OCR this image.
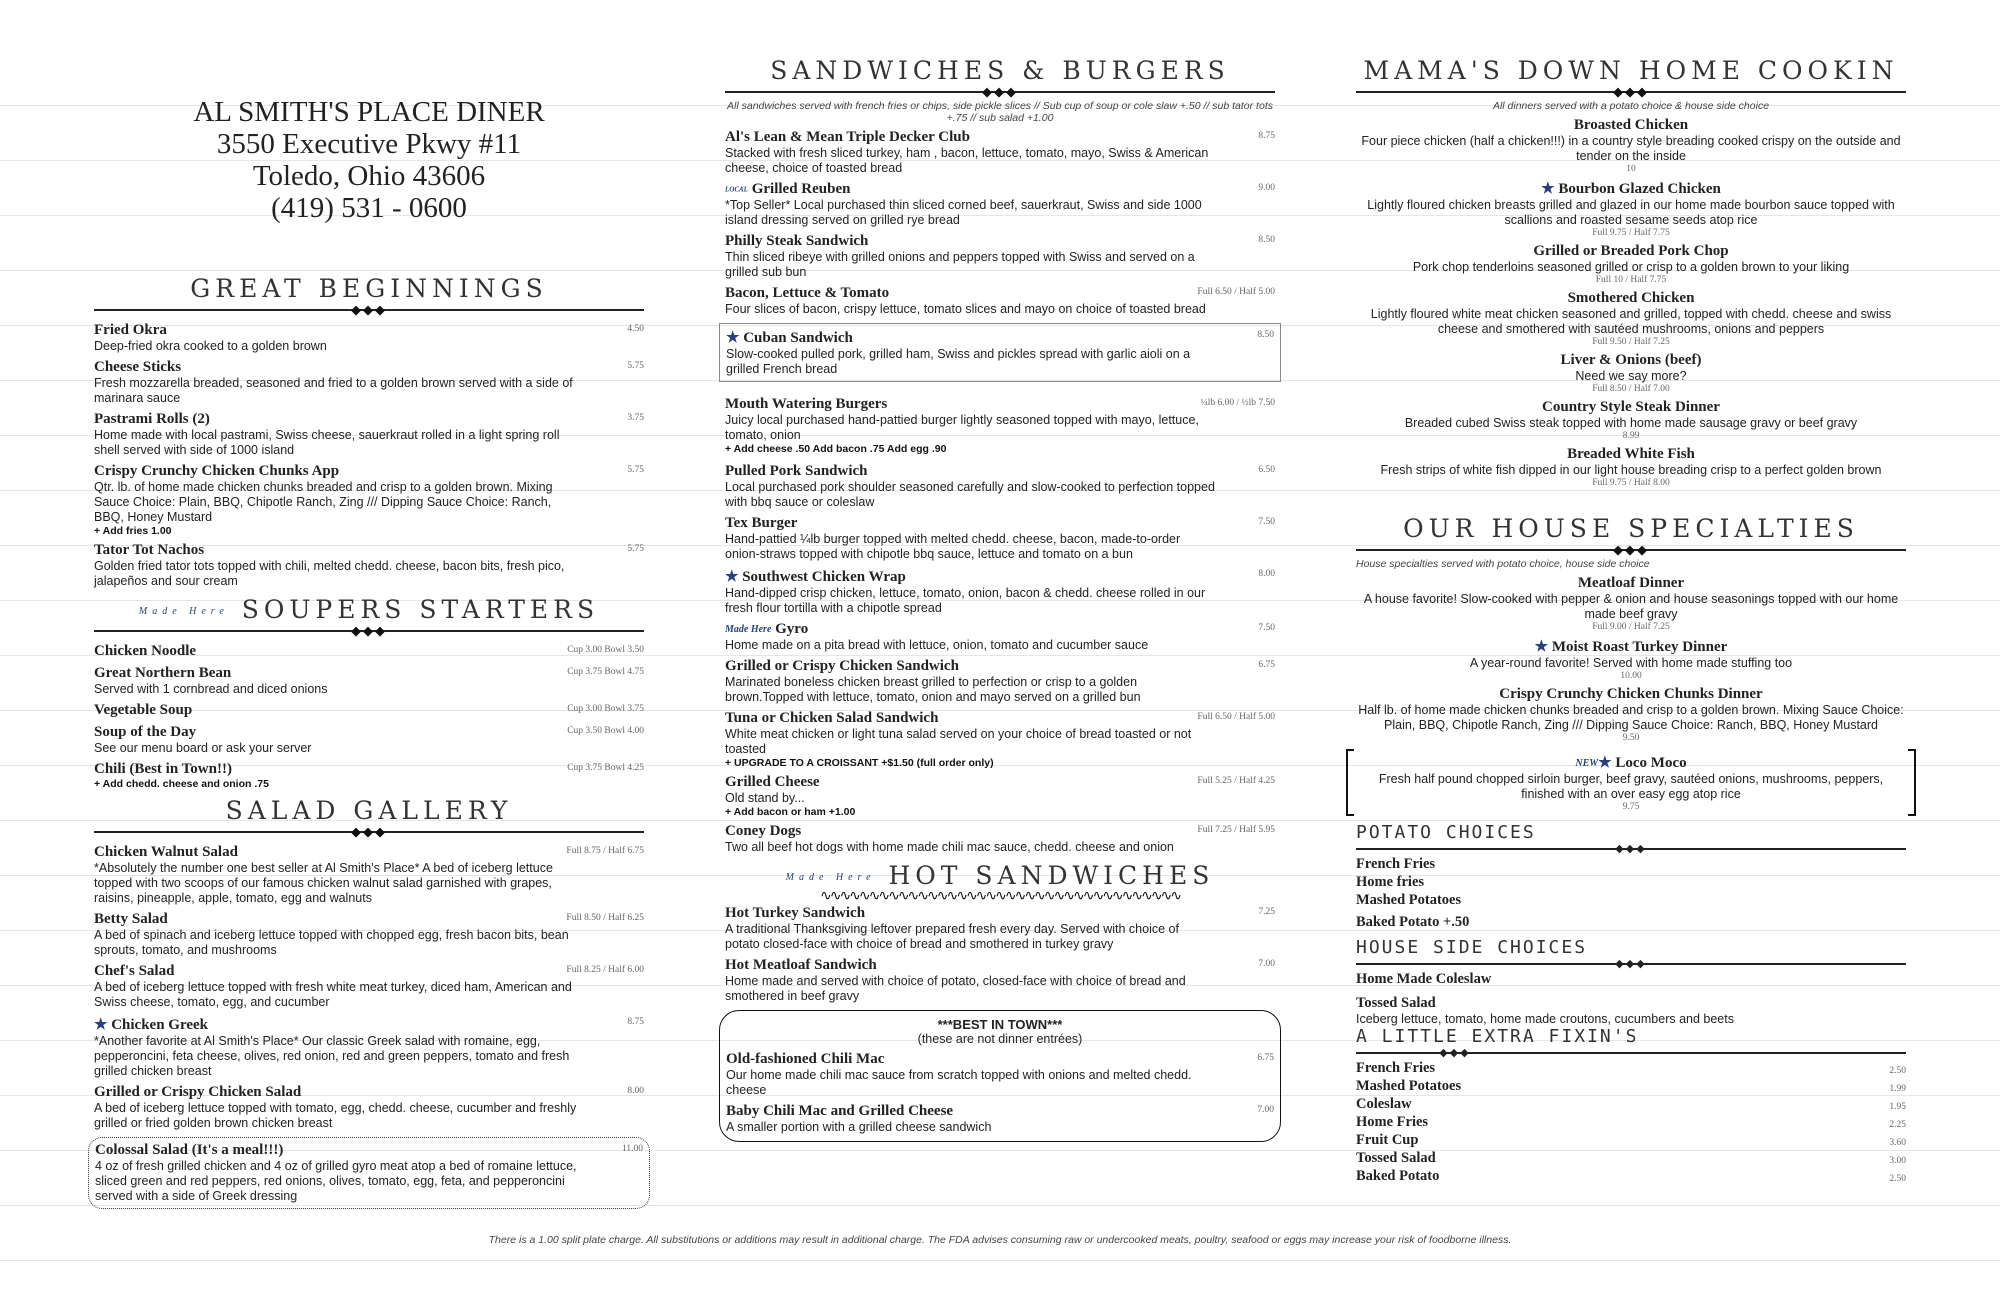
AL SMITH'S PLACE DINER
3550 Executive Pkwy #11
Toledo, Ohio 43606
(419) 531 - 0600
GREAT BEGINNINGS
◆◆◆
Fried Okra	4.50
Deep-fried okra cooked to a golden brown
Cheese Sticks	5.75
Fresh mozzarella breaded, seasoned and fried to a golden brown served with a side of marinara sauce
Pastrami Rolls (2)	3.75
Home made with local pastrami, Swiss cheese, sauerkraut rolled in a light spring roll shell served with side of 1000 island
Crispy Crunchy Chicken Chunks App	5.75
Qtr. lb. of home made chicken chunks breaded and crisp to a golden brown. Mixing Sauce Choice: Plain, BBQ, Chipotle Ranch, Zing /// Dipping Sauce Choice: Ranch, BBQ, Honey Mustard
+ Add fries 1.00
Tator Tot Nachos	5.75
Golden fried tator tots topped with chili, melted chedd. cheese, bacon bits, fresh pico, jalapeños and sour cream
Made Here SOUPERS STARTERS
◆◆◆
Chicken Noodle	Cup 3.00 Bowl 3.50
Great Northern Bean	Cup 3.75 Bowl 4.75
Served with 1 cornbread and diced onions
Vegetable Soup	Cup 3.00 Bowl 3.75
Soup of the Day	Cup 3.50 Bowl 4.00
See our menu board or ask your server
Chili (Best in Town!!)	Cup 3.75 Bowl 4.25
+ Add chedd. cheese and onion .75
SALAD GALLERY
◆◆◆
Chicken Walnut Salad	Full 8.75 / Half 6.75
*Absolutely the number one best seller at Al Smith's Place* A bed of iceberg lettuce topped with two scoops of our famous chicken walnut salad garnished with grapes, raisins, pineapple, apple, tomato, egg and walnuts
Betty Salad	Full 8.50 / Half 6.25
A bed of spinach and iceberg lettuce topped with chopped egg, fresh bacon bits, bean sprouts, tomato, and mushrooms
Chef's Salad	Full 8.25 / Half 6.00
A bed of iceberg lettuce topped with fresh white meat turkey, diced ham, American and Swiss cheese, tomato, egg, and cucumber
★ Chicken Greek	8.75
*Another favorite at Al Smith's Place* Our classic Greek salad with romaine, egg, pepperoncini, feta cheese, olives, red onion, red and green peppers, tomato and fresh grilled chicken breast
Grilled or Crispy Chicken Salad	8.00
A bed of iceberg lettuce topped with tomato, egg, chedd. cheese, cucumber and freshly grilled or fried golden brown chicken breast
Colossal Salad (It's a meal!!!)	11.00
4 oz of fresh grilled chicken and 4 oz of grilled gyro meat atop a bed of romaine lettuce, sliced green and red peppers, red onions, olives, tomato, egg, feta, and pepperoncini served with a side of Greek dressing
SANDWICHES & BURGERS
◆◆◆
All sandwiches served with french fries or chips, side pickle slices // Sub cup of soup or cole slaw +.50 // sub tator tots +.75 // sub salad +1.00
Al's Lean & Mean Triple Decker Club	8.75
Stacked with fresh sliced turkey, ham , bacon, lettuce, tomato, mayo, Swiss & American cheese, choice of toasted bread
LOCAL Grilled Reuben	9.00
*Top Seller* Local purchased thin sliced corned beef, sauerkraut, Swiss and side 1000 island dressing served on grilled rye bread
Philly Steak Sandwich	8.50
Thin sliced ribeye with grilled onions and peppers topped with Swiss and served on a grilled sub bun
Bacon, Lettuce & Tomato	Full 6.50 / Half 5.00
Four slices of bacon, crispy lettuce, tomato slices and mayo on choice of toasted bread
★ Cuban Sandwich	8.50
Slow-cooked pulled pork, grilled ham, Swiss and pickles spread with garlic aioli on a grilled French bread
Mouth Watering Burgers	¼lb 6.00 / ½lb 7.50
Juicy local purchased hand-pattied burger lightly seasoned topped with mayo, lettuce, tomato, onion
+ Add cheese .50 Add bacon .75 Add egg .90
Pulled Pork Sandwich	6.50
Local purchased pork shoulder seasoned carefully and slow-cooked to perfection topped with bbq sauce or coleslaw
Tex Burger	7.50
Hand-pattied ¼lb burger topped with melted chedd. cheese, bacon, made-to-order onion-straws topped with chipotle bbq sauce, lettuce and tomato on a bun
★ Southwest Chicken Wrap	8.00
Hand-dipped crisp chicken, lettuce, tomato, onion, bacon & chedd. cheese rolled in our fresh flour tortilla with a chipotle spread
Made Here Gyro	7.50
Home made on a pita bread with lettuce, onion, tomato and cucumber sauce
Grilled or Crispy Chicken Sandwich	6.75
Marinated boneless chicken breast grilled to perfection or crisp to a golden brown.Topped with lettuce, tomato, onion and mayo served on a grilled bun
Tuna or Chicken Salad Sandwich	Full 6.50 / Half 5.00
White meat chicken or light tuna salad served on your choice of bread toasted or not toasted
+ UPGRADE TO A CROISSANT +$1.50 (full order only)
Grilled Cheese	Full 5.25 / Half 4.25
Old stand by...
+ Add bacon or ham +1.00
Coney Dogs	Full 7.25 / Half 5.95
Two all beef hot dogs with home made chili mac sauce, chedd. cheese and onion
Made Here HOT SANDWICHES
∿∿∿∿∿∿∿∿∿∿∿∿∿∿∿∿∿∿∿∿∿∿∿∿∿∿∿∿∿∿∿∿∿∿∿∿∿
Hot Turkey Sandwich	7.25
A traditional Thanksgiving leftover prepared fresh every day. Served with choice of potato closed-face with choice of bread and smothered in turkey gravy
Hot Meatloaf Sandwich	7.00
Home made and served with choice of potato, closed-face with choice of bread and smothered in beef gravy
***BEST IN TOWN***
(these are not dinner entrées)
Old-fashioned Chili Mac	6.75
Our home made chili mac sauce from scratch topped with onions and melted chedd. cheese
Baby Chili Mac and Grilled Cheese	7.00
A smaller portion with a grilled cheese sandwich
MAMA'S DOWN HOME COOKIN
◆◆◆
All dinners served with a potato choice & house side choice
Broasted Chicken
Four piece chicken (half a chicken!!!) in a country style breading cooked crispy on the outside and tender on the inside
10
★ Bourbon Glazed Chicken
Lightly floured chicken breasts grilled and glazed in our home made bourbon sauce topped with scallions and roasted sesame seeds atop rice
Full 9.75 / Half 7.75
Grilled or Breaded Pork Chop
Pork chop tenderloins seasoned grilled or crisp to a golden brown to your liking
Full 10 / Half 7.75
Smothered Chicken
Lightly floured white meat chicken seasoned and grilled, topped with chedd. cheese and swiss cheese and smothered with sautéed mushrooms, onions and peppers
Full 9.50 / Half 7.25
Liver & Onions (beef)
Need we say more?
Full 8.50 / Half 7.00
Country Style Steak Dinner
Breaded cubed Swiss steak topped with home made sausage gravy or beef gravy
8.99
Breaded White Fish
Fresh strips of white fish dipped in our light house breading crisp to a perfect golden brown
Full 9.75 / Half 8.00
OUR HOUSE SPECIALTIES
◆◆◆
House specialties served with potato choice, house side choice
Meatloaf Dinner
A house favorite! Slow-cooked with pepper & onion and house seasonings topped with our home made beef gravy
Full 9.00 / Half 7.25
★ Moist Roast Turkey Dinner
A year-round favorite! Served with home made stuffing too
10.00
Crispy Crunchy Chicken Chunks Dinner
Half lb. of home made chicken chunks breaded and crisp to a golden brown. Mixing Sauce Choice: Plain, BBQ, Chipotle Ranch, Zing /// Dipping Sauce Choice: Ranch, BBQ, Honey Mustard
9.50
NEW★ Loco Moco
Fresh half pound chopped sirloin burger, beef gravy, sautéed onions, mushrooms, peppers, finished with an over easy egg atop rice
9.75
POTATO CHOICES
◆◆◆
French Fries
Home fries
Mashed Potatoes
Baked Potato +.50
HOUSE SIDE CHOICES
◆◆◆
Home Made Coleslaw
Tossed Salad
Iceberg lettuce, tomato, home made croutons, cucumbers and beets
A LITTLE EXTRA FIXIN'S
◆◆◆
French Fries	2.50
Mashed Potatoes	1.99
Coleslaw	1.95
Home Fries	2.25
Fruit Cup	3.60
Tossed Salad	3.00
Baked Potato	2.50
There is a 1.00 split plate charge. All substitutions or additions may result in additional charge. The FDA advises consuming raw or undercooked meats, poultry, seafood or eggs may increase your risk of foodborne illness.
